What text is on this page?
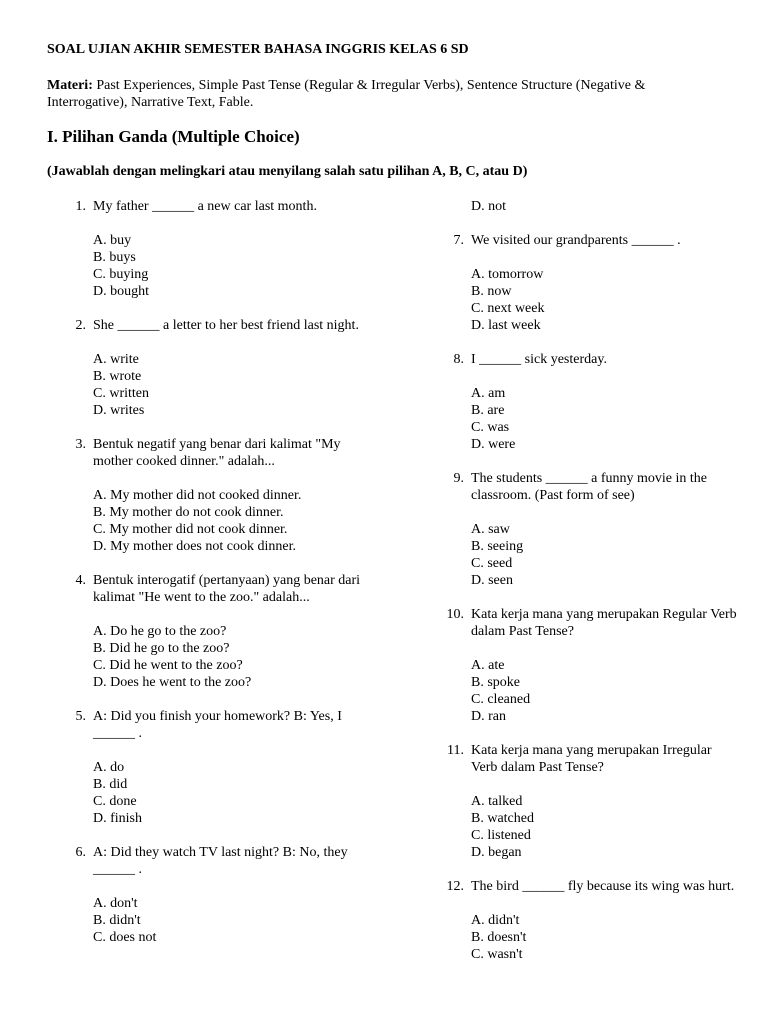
SOAL UJIAN AKHIR SEMESTER BAHASA INGGRIS KELAS 6 SD
Materi: Past Experiences, Simple Past Tense (Regular & Irregular Verbs), Sentence Structure (Negative & Interrogative), Narrative Text, Fable.
I. Pilihan Ganda (Multiple Choice)
(Jawablah dengan melingkari atau menyilang salah satu pilihan A, B, C, atau D)
1. My father ______ a new car last month.
A. buy
B. buys
C. buying
D. bought
2. She ______ a letter to her best friend last night.
A. write
B. wrote
C. written
D. writes
3. Bentuk negatif yang benar dari kalimat "My mother cooked dinner." adalah...
A. My mother did not cooked dinner.
B. My mother do not cook dinner.
C. My mother did not cook dinner.
D. My mother does not cook dinner.
4. Bentuk interogatif (pertanyaan) yang benar dari kalimat "He went to the zoo." adalah...
A. Do he go to the zoo?
B. Did he go to the zoo?
C. Did he went to the zoo?
D. Does he went to the zoo?
5. A: Did you finish your homework? B: Yes, I ______ .
A. do
B. did
C. done
D. finish
6. A: Did they watch TV last night? B: No, they ______ .
A. don't
B. didn't
C. does not
D. not
7. We visited our grandparents ______ .
A. tomorrow
B. now
C. next week
D. last week
8. I ______ sick yesterday.
A. am
B. are
C. was
D. were
9. The students ______ a funny movie in the classroom. (Past form of see)
A. saw
B. seeing
C. seed
D. seen
10. Kata kerja mana yang merupakan Regular Verb dalam Past Tense?
A. ate
B. spoke
C. cleaned
D. ran
11. Kata kerja mana yang merupakan Irregular Verb dalam Past Tense?
A. talked
B. watched
C. listened
D. began
12. The bird ______ fly because its wing was hurt.
A. didn't
B. doesn't
C. wasn't
